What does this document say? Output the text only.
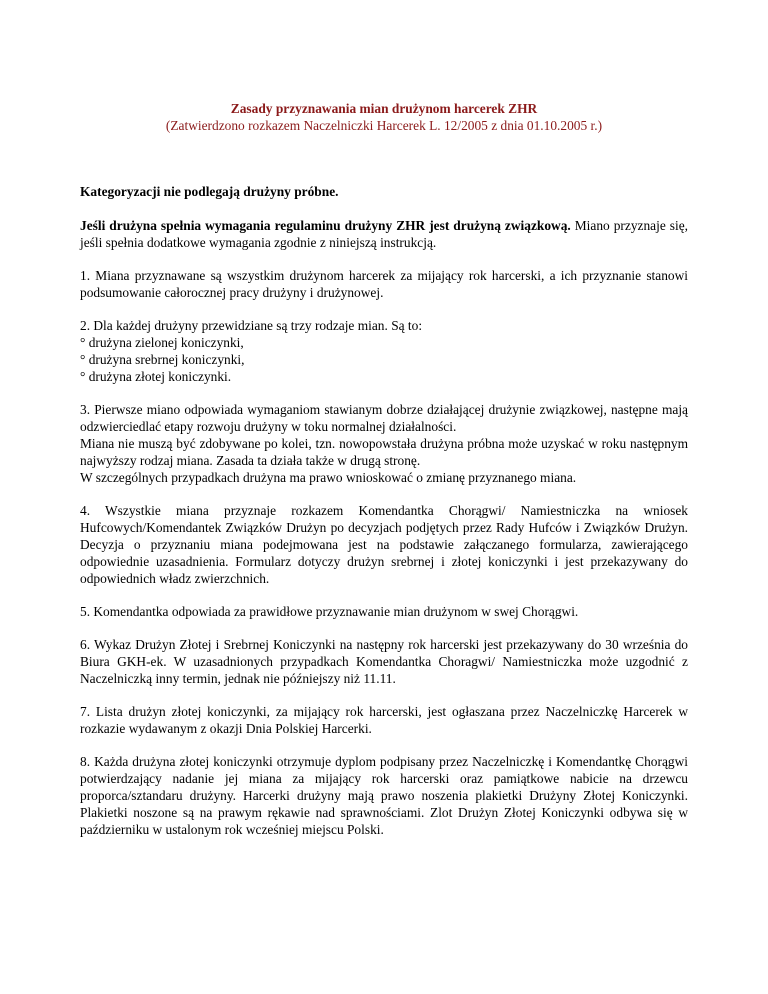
Zasady przyznawania mian drużynom harcerek ZHR

(Zatwierdzono rozkazem Naczelniczki Harcerek L. 12/2005 z dnia 01.10.2005 r.)

Kategoryzacji nie podlegają drużyny próbne.

Jeśli drużyna spełnia wymagania regulaminu drużyny ZHR jest drużyną związkową. Miano przyznaje się, jeśli spełnia dodatkowe wymagania zgodnie z niniejszą instrukcją.

1. Miana przyznawane są wszystkim drużynom harcerek za mijający rok harcerski, a ich przyznanie stanowi podsumowanie całorocznej pracy drużyny i drużynowej.

2. Dla każdej drużyny przewidziane są trzy rodzaje mian. Są to:
° drużyna zielonej koniczynki,
° drużyna srebrnej koniczynki,
° drużyna złotej koniczynki.

3. Pierwsze miano odpowiada wymaganiom stawianym dobrze działającej drużynie związkowej, następne mają odzwierciedlać etapy rozwoju drużyny w toku normalnej działalności.
Miana nie muszą być zdobywane po kolei, tzn. nowopowstała drużyna próbna może uzyskać w roku następnym najwyższy rodzaj miana. Zasada ta działa także w drugą stronę.
W szczególnych przypadkach drużyna ma prawo wnioskować o zmianę przyznanego miana.

4. Wszystkie miana przyznaje rozkazem Komendantka Chorągwi/ Namiestniczka na wniosek Hufcowych/Komendantek Związków Drużyn po decyzjach podjętych przez Rady Hufców i Związków Drużyn. Decyzja o przyznaniu miana podejmowana jest na podstawie załączanego formularza, zawierającego odpowiednie uzasadnienia. Formularz dotyczy drużyn srebrnej i złotej koniczynki i jest przekazywany do odpowiednich władz zwierzchnich.

5. Komendantka odpowiada za prawidłowe przyznawanie mian drużynom w swej Chorągwi.

6. Wykaz Drużyn Złotej i Srebrnej Koniczynki na następny rok harcerski jest przekazywany do 30 września do Biura GKH-ek. W uzasadnionych przypadkach Komendantka Choragwi/ Namiestniczka może uzgodnić z Naczelniczką inny termin, jednak nie późniejszy niż 11.11.

7. Lista drużyn złotej koniczynki, za mijający rok harcerski, jest ogłaszana przez Naczelniczkę Harcerek w rozkazie wydawanym z okazji Dnia Polskiej Harcerki.

8. Każda drużyna złotej koniczynki otrzymuje dyplom podpisany przez Naczelniczkę i Komendantkę Chorągwi potwierdzający nadanie jej miana za mijający rok harcerski oraz pamiątkowe nabicie na drzewcu proporca/sztandaru drużyny. Harcerki drużyny mają prawo noszenia plakietki Drużyny Złotej Koniczynki. Plakietki noszone są na prawym rękawie nad sprawnościami. Zlot Drużyn Złotej Koniczynki odbywa się w październiku w ustalonym rok wcześniej miejscu Polski.
